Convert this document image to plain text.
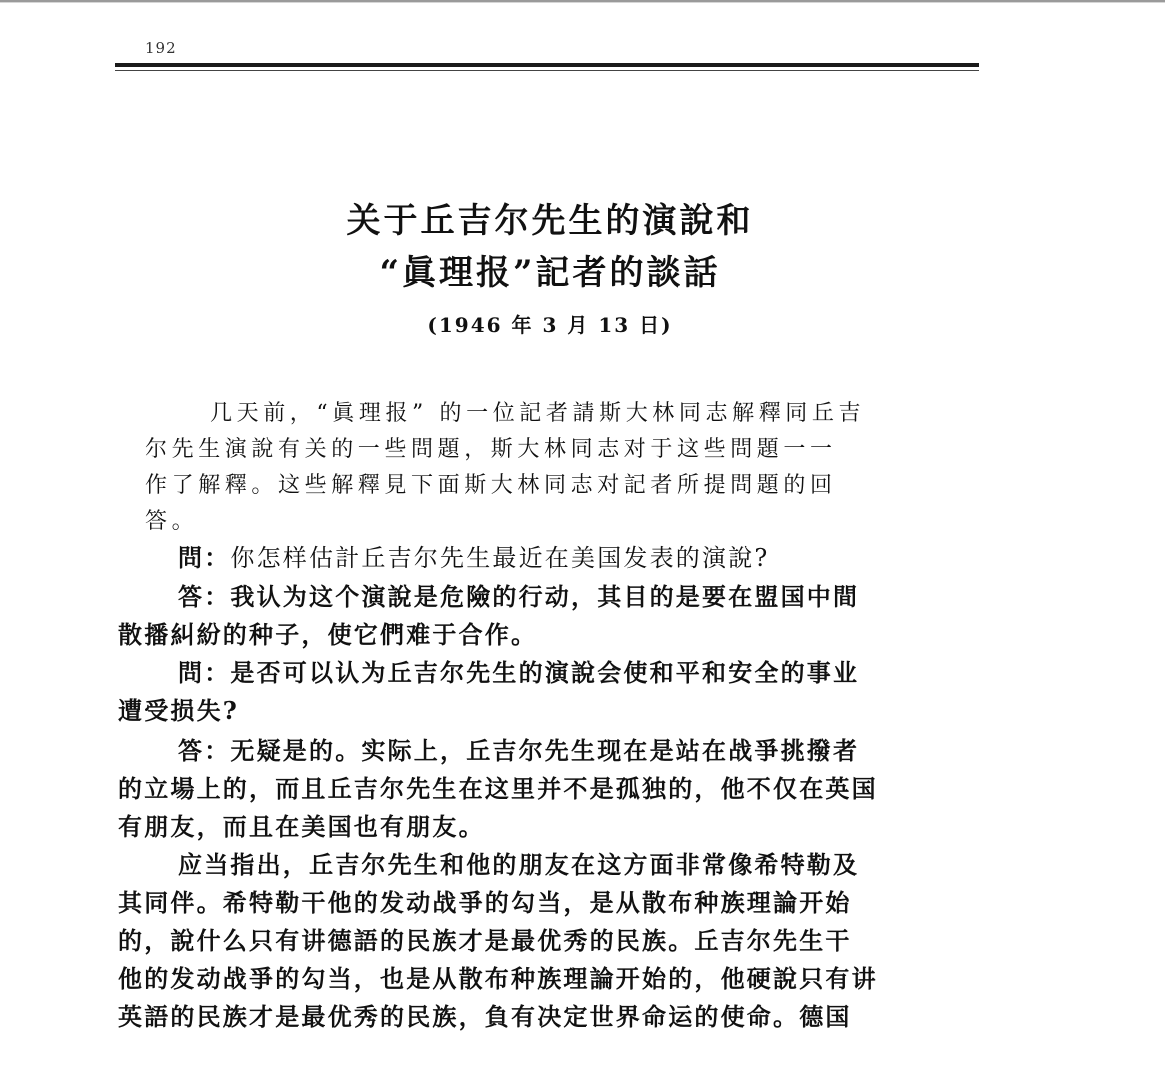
192
关于丘吉尔先生的演說和
“眞理报”記者的談話
(1946 年 3 月 13 日)
几天前，“眞理报” 的一位記者請斯大林同志解釋同丘吉
尔先生演說有关的一些問題，斯大林同志对于这些問題一一
作了解釋。这些解釋見下面斯大林同志对記者所提問題的回
答。
問：你怎样估計丘吉尔先生最近在美国发表的演說?
答：我认为这个演說是危險的行动，其目的是要在盟国中間
散播糾紛的种子，使它們难于合作。
問：是否可以认为丘吉尔先生的演說会使和平和安全的事业
遭受损失?
答：无疑是的。实际上，丘吉尔先生现在是站在战爭挑撥者
的立場上的，而且丘吉尔先生在这里并不是孤独的，他不仅在英国
有朋友，而且在美国也有朋友。
应当指出，丘吉尔先生和他的朋友在这方面非常像希特勒及
其同伴。希特勒干他的发动战爭的勾当，是从散布种族理論开始
的，說什么只有讲德語的民族才是最优秀的民族。丘吉尔先生干
他的发动战爭的勾当，也是从散布种族理論开始的，他硬說只有讲
英語的民族才是最优秀的民族，負有决定世界命运的使命。德国
